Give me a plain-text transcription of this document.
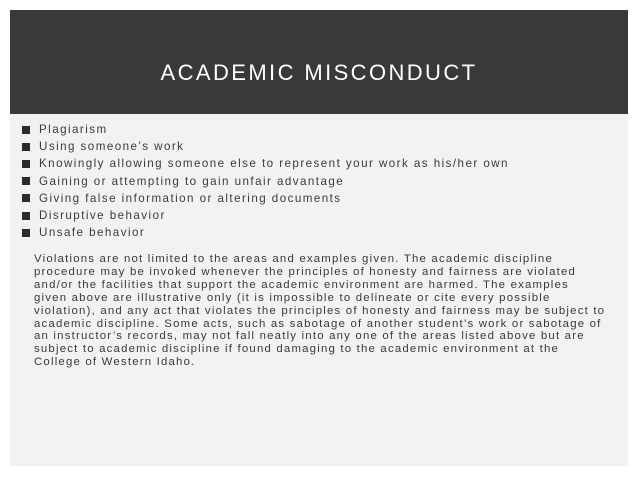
ACADEMIC MISCONDUCT
Plagiarism
Using someone’s work
Knowingly allowing someone else to represent your work as his/her own
Gaining or attempting to gain unfair advantage
Giving false information or altering documents
Disruptive behavior
Unsafe behavior

Violations are not limited to the areas and examples given. The academic discipline procedure may be invoked whenever the principles of honesty and fairness are violated and/or the facilities that support the academic environment are harmed. The examples given above are illustrative only (it is impossible to delineate or cite every possible violation), and any act that violates the principles of honesty and fairness may be subject to academic discipline. Some acts, such as sabotage of another student’s work or sabotage of an instructor’s records, may not fall neatly into any one of the areas listed above but are subject to academic discipline if found damaging to the academic environment at the College of Western Idaho.
